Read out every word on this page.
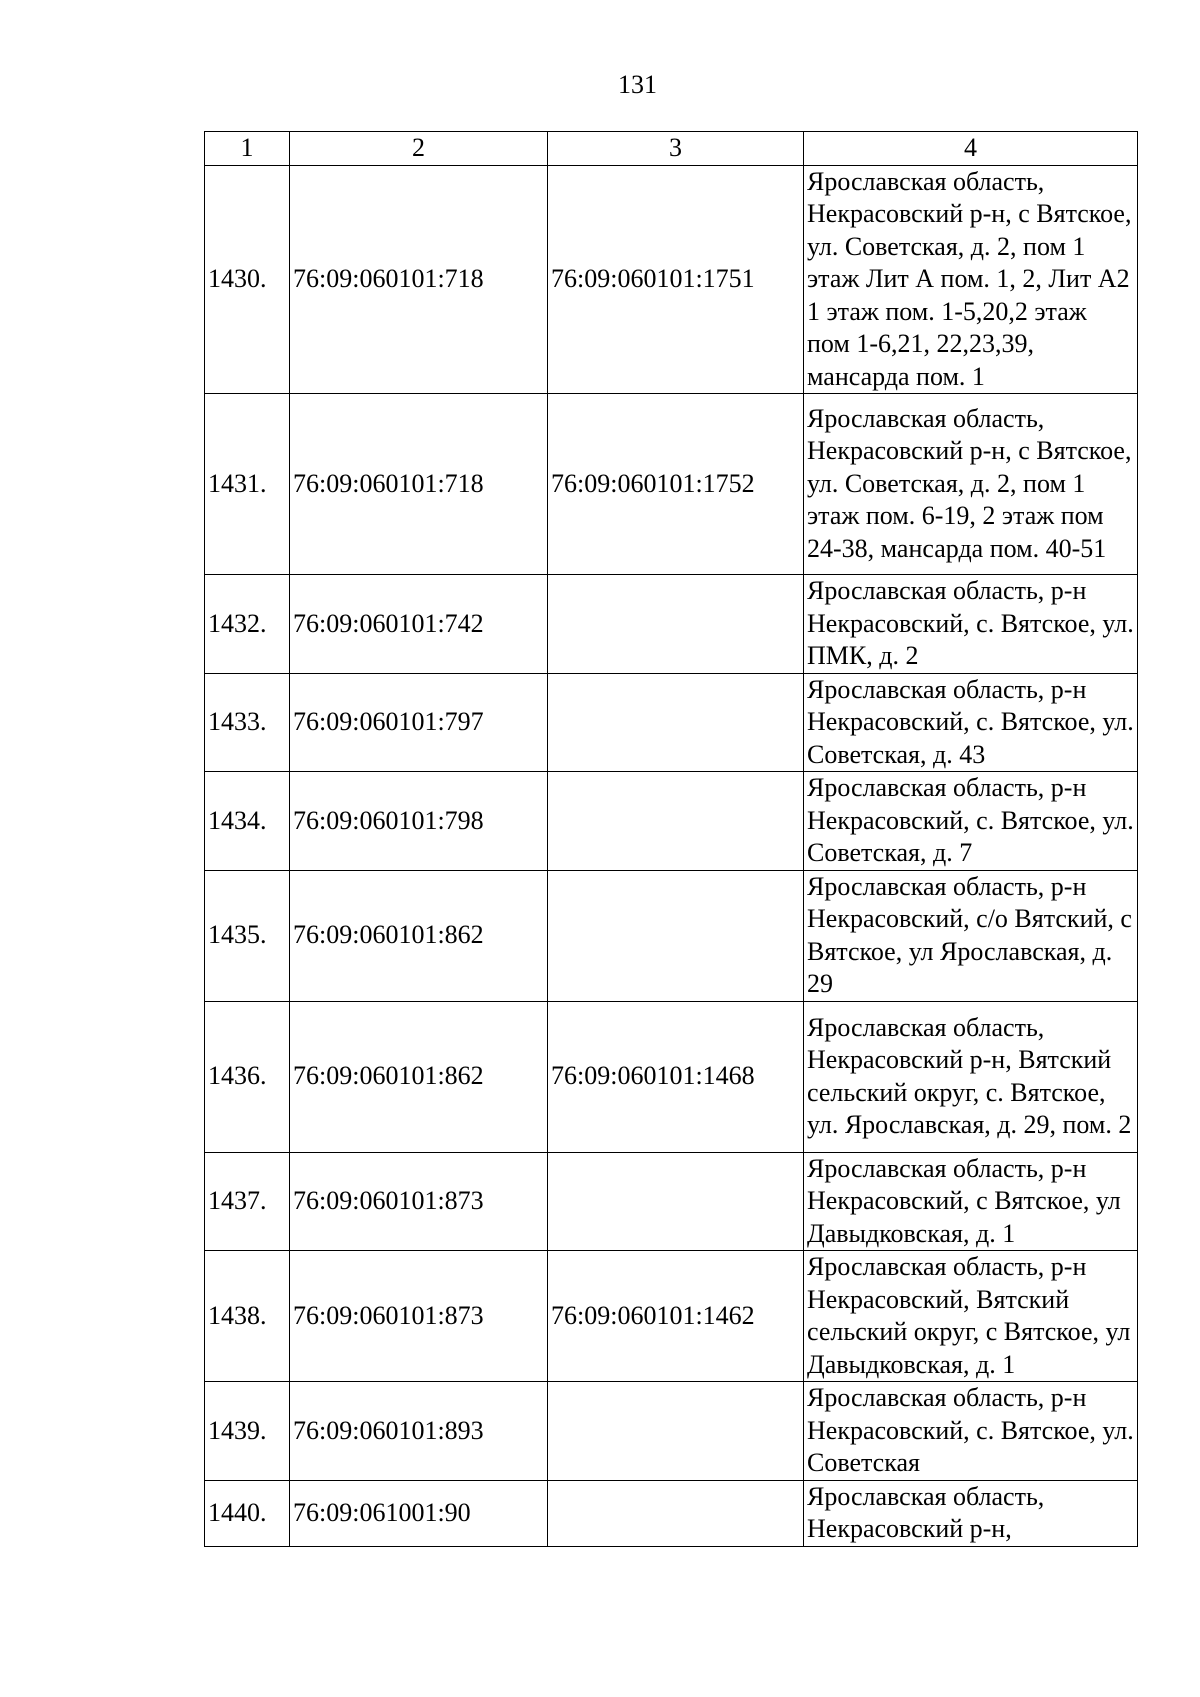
131
1	2	3	4
1430.	76:09:060101:718	76:09:060101:1751	Ярославская область, Некрасовский р-н, с Вятское, ул. Советская, д. 2, пом 1 этаж Лит А пом. 1, 2, Лит А2 1 этаж пом. 1-5,20,2 этаж пом 1-6,21, 22,23,39, мансарда пом. 1
1431.	76:09:060101:718	76:09:060101:1752	Ярославская область, Некрасовский р-н, с Вятское, ул. Советская, д. 2, пом 1 этаж пом. 6-19, 2 этаж пом 24-38, мансарда пом. 40-51
1432.	76:09:060101:742		Ярославская область, р-н Некрасовский, с. Вятское, ул. ПМК, д. 2
1433.	76:09:060101:797		Ярославская область, р-н Некрасовский, с. Вятское, ул. Советская, д. 43
1434.	76:09:060101:798		Ярославская область, р-н Некрасовский, с. Вятское, ул. Советская, д. 7
1435.	76:09:060101:862		Ярославская область, р-н Некрасовский, с/о Вятский, с Вятское, ул Ярославская, д. 29
1436.	76:09:060101:862	76:09:060101:1468	Ярославская область, Некрасовский р-н, Вятский сельский округ, с. Вятское, ул. Ярославская, д. 29, пом. 2
1437.	76:09:060101:873		Ярославская область, р-н Некрасовский, с Вятское, ул Давыдковская, д. 1
1438.	76:09:060101:873	76:09:060101:1462	Ярославская область, р-н Некрасовский, Вятский сельский округ, с Вятское, ул Давыдковская, д. 1
1439.	76:09:060101:893		Ярославская область, р-н Некрасовский, с. Вятское, ул. Советская
1440.	76:09:061001:90		Ярославская область, Некрасовский р-н,
